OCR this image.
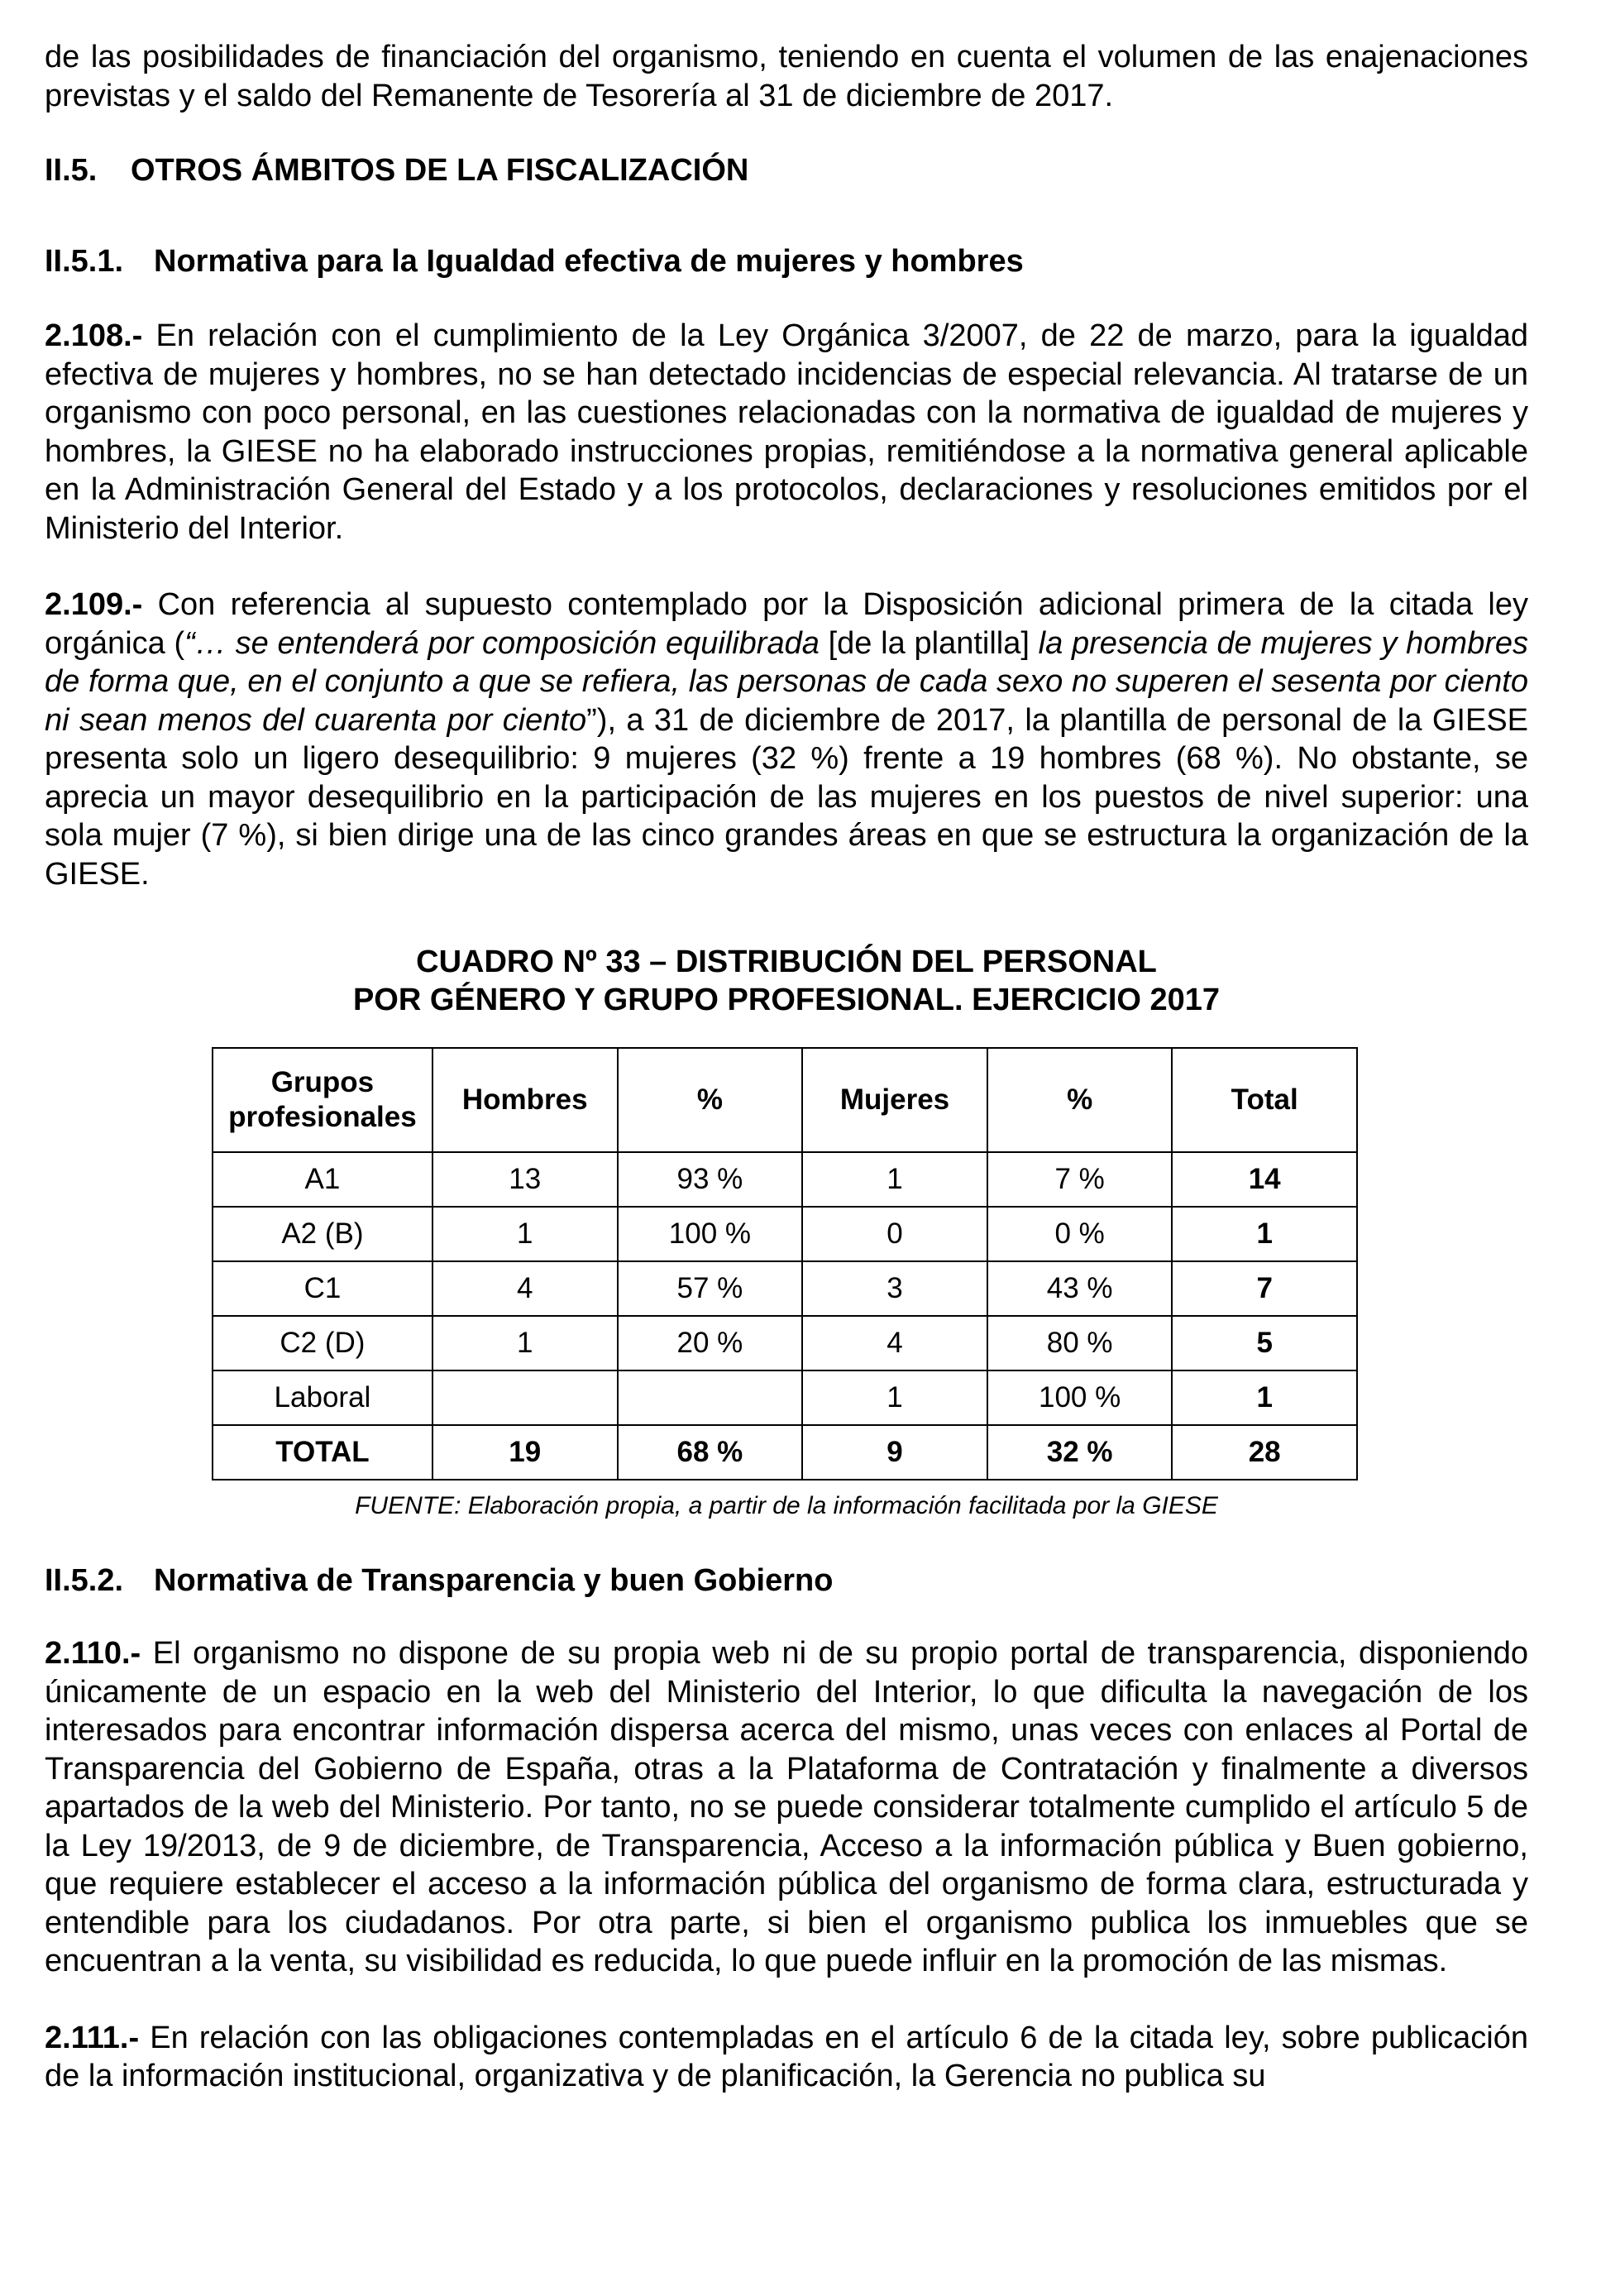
de las posibilidades de financiación del organismo, teniendo en cuenta el volumen de las enajenaciones previstas y el saldo del Remanente de Tesorería al 31 de diciembre de 2017.

II.5. OTROS ÁMBITOS DE LA FISCALIZACIÓN

II.5.1. Normativa para la Igualdad efectiva de mujeres y hombres

2.108.- En relación con el cumplimiento de la Ley Orgánica 3/2007, de 22 de marzo, para la igualdad efectiva de mujeres y hombres, no se han detectado incidencias de especial relevancia. Al tratarse de un organismo con poco personal, en las cuestiones relacionadas con la normativa de igualdad de mujeres y hombres, la GIESE no ha elaborado instrucciones propias, remitiéndose a la normativa general aplicable en la Administración General del Estado y a los protocolos, declaraciones y resoluciones emitidos por el Ministerio del Interior.

2.109.- Con referencia al supuesto contemplado por la Disposición adicional primera de la citada ley orgánica (“… se entenderá por composición equilibrada [de la plantilla] la presencia de mujeres y hombres de forma que, en el conjunto a que se refiera, las personas de cada sexo no superen el sesenta por ciento ni sean menos del cuarenta por ciento”), a 31 de diciembre de 2017, la plantilla de personal de la GIESE presenta solo un ligero desequilibrio: 9 mujeres (32 %) frente a 19 hombres (68 %). No obstante, se aprecia un mayor desequilibrio en la participación de las mujeres en los puestos de nivel superior: una sola mujer (7 %), si bien dirige una de las cinco grandes áreas en que se estructura la organización de la GIESE.

CUADRO Nº 33 – DISTRIBUCIÓN DEL PERSONAL

POR GÉNERO Y GRUPO PROFESIONAL. EJERCICIO 2017

Grupos profesionales	Hombres	%	Mujeres	%	Total
A1	13	93 %	1	7 %	14
A2 (B)	1	100 %	0	0 %	1
C1	4	57 %	3	43 %	7
C2 (D)	1	20 %	4	80 %	5
Laboral			1	100 %	1
TOTAL	19	68 %	9	32 %	28

FUENTE: Elaboración propia, a partir de la información facilitada por la GIESE

II.5.2. Normativa de Transparencia y buen Gobierno

2.110.- El organismo no dispone de su propia web ni de su propio portal de transparencia, disponiendo únicamente de un espacio en la web del Ministerio del Interior, lo que dificulta la navegación de los interesados para encontrar información dispersa acerca del mismo, unas veces con enlaces al Portal de Transparencia del Gobierno de España, otras a la Plataforma de Contratación y finalmente a diversos apartados de la web del Ministerio. Por tanto, no se puede considerar totalmente cumplido el artículo 5 de la Ley 19/2013, de 9 de diciembre, de Transparencia, Acceso a la información pública y Buen gobierno, que requiere establecer el acceso a la información pública del organismo de forma clara, estructurada y entendible para los ciudadanos. Por otra parte, si bien el organismo publica los inmuebles que se encuentran a la venta, su visibilidad es reducida, lo que puede influir en la promoción de las mismas.

2.111.- En relación con las obligaciones contempladas en el artículo 6 de la citada ley, sobre publicación de la información institucional, organizativa y de planificación, la Gerencia no publica su
